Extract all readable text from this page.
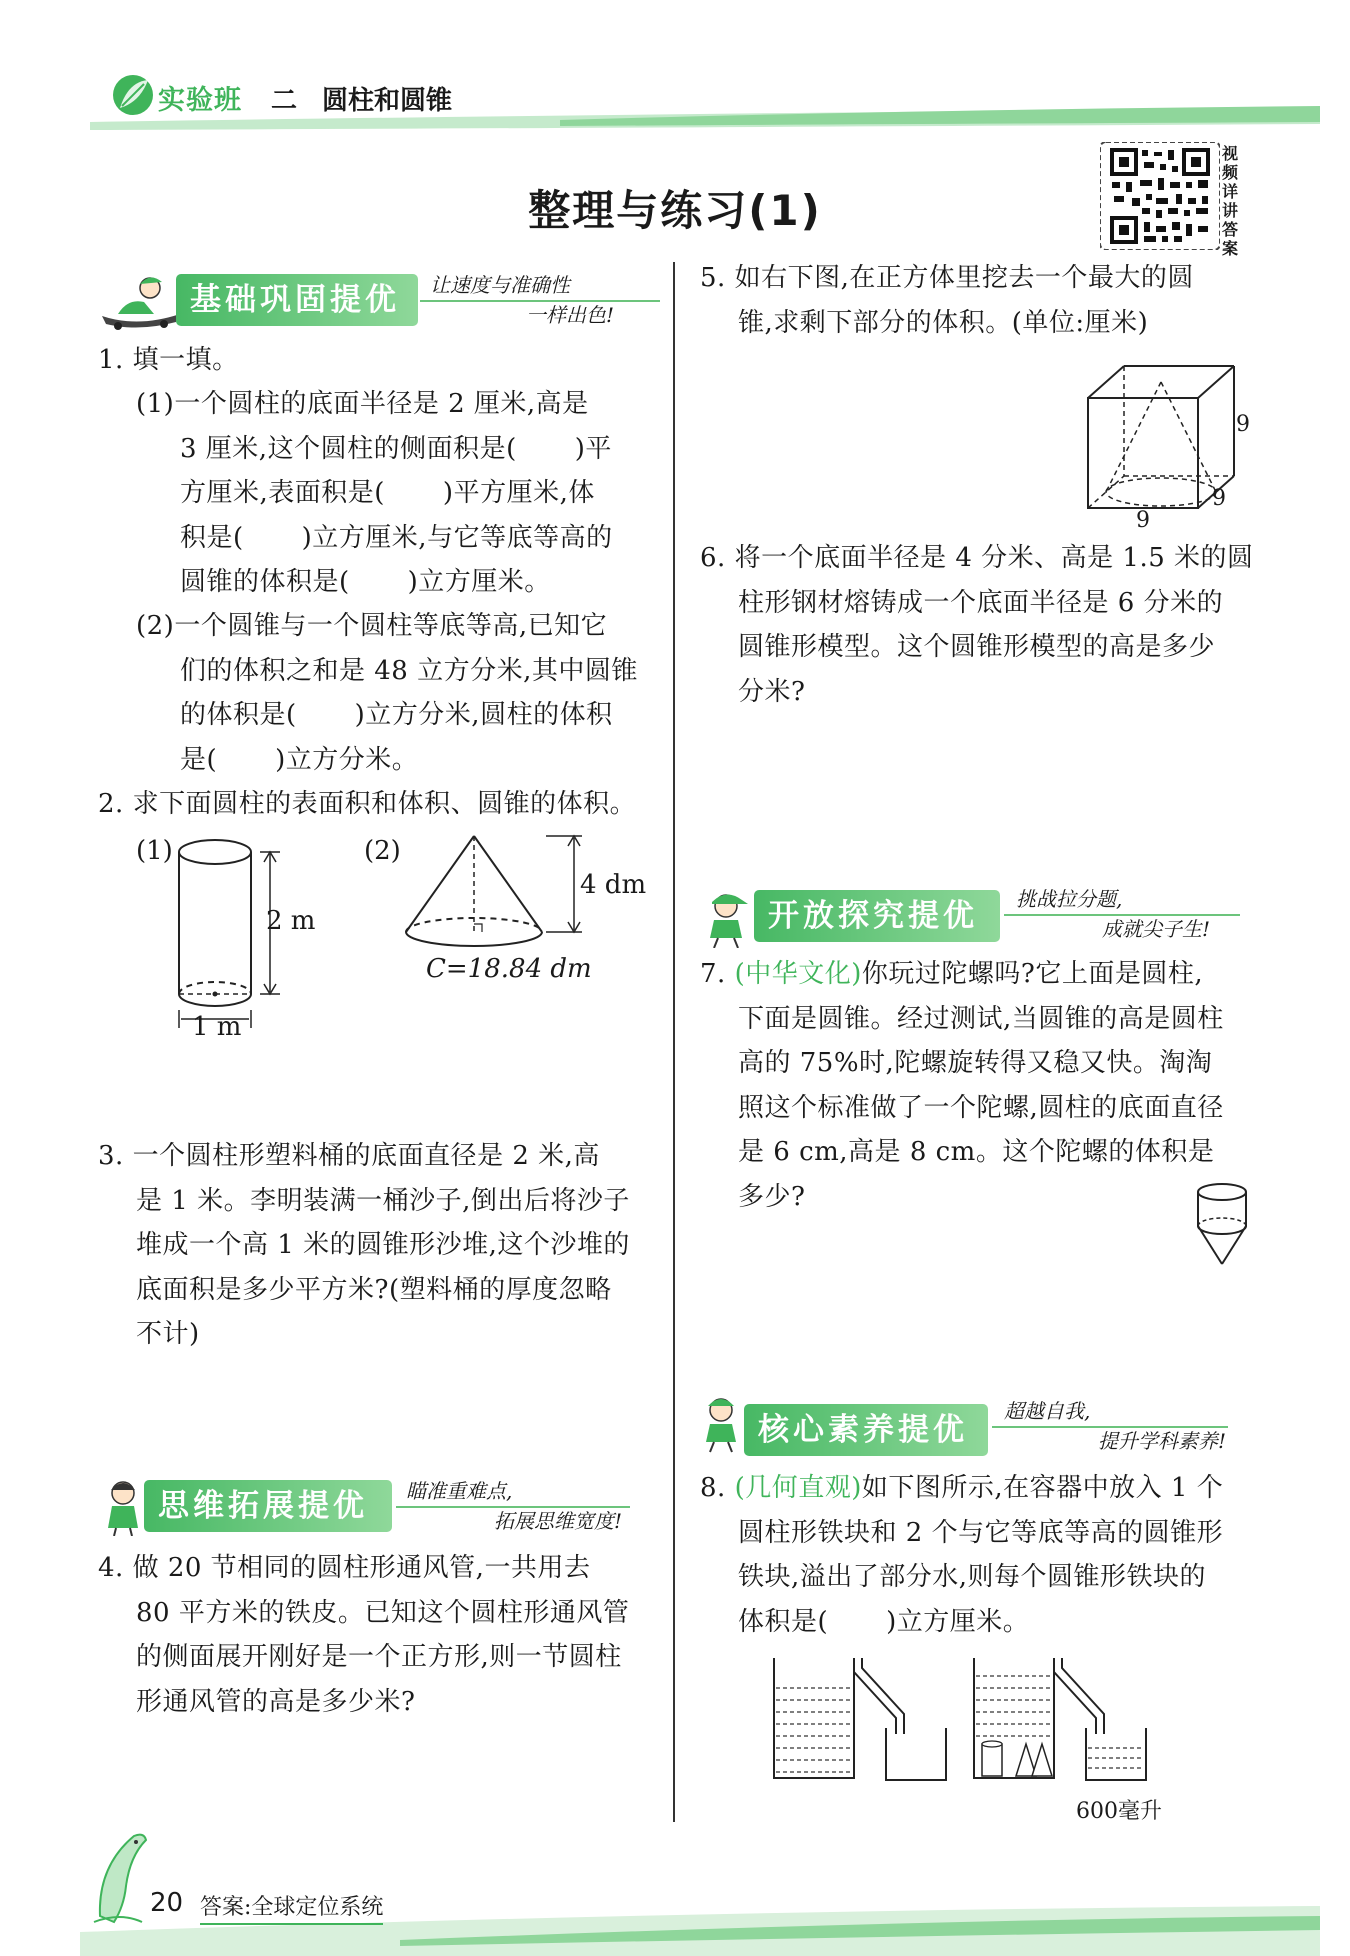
实验班 二 圆柱和圆锥
整理与练习(1)
视频详讲答案
基础巩固提优	让速度与准确性
一样出色!
1. 填一填。
(1)一个圆柱的底面半径是 2 厘米,高是
3 厘米,这个圆柱的侧面积是( )平
方厘米,表面积是( )平方厘米,体
积是( )立方厘米,与它等底等高的
圆锥的体积是( )立方厘米。
(2)一个圆锥与一个圆柱等底等高,已知它
们的体积之和是 48 立方分米,其中圆锥
的体积是( )立方分米,圆柱的体积
是( )立方分米。
2. 求下面圆柱的表面积和体积、圆锥的体积。
(1)
2 m
1 m
(2)
4 dm
C=18.84 dm
3. 一个圆柱形塑料桶的底面直径是 2 米,高
是 1 米。李明装满一桶沙子,倒出后将沙子
堆成一个高 1 米的圆锥形沙堆,这个沙堆的
底面积是多少平方米?(塑料桶的厚度忽略
不计)
思维拓展提优	瞄准重难点,
拓展思维宽度!
4. 做 20 节相同的圆柱形通风管,一共用去
80 平方米的铁皮。已知这个圆柱形通风管
的侧面展开刚好是一个正方形,则一节圆柱
形通风管的高是多少米?
5. 如右下图,在正方体里挖去一个最大的圆
锥,求剩下部分的体积。(单位:厘米)
9
9
9
6. 将一个底面半径是 4 分米、高是 1.5 米的圆
柱形钢材熔铸成一个底面半径是 6 分米的
圆锥形模型。这个圆锥形模型的高是多少
分米?
开放探究提优	挑战拉分题,
成就尖子生!
7. (中华文化)你玩过陀螺吗?它上面是圆柱,
下面是圆锥。经过测试,当圆锥的高是圆柱
高的 75%时,陀螺旋转得又稳又快。淘淘
照这个标准做了一个陀螺,圆柱的底面直径
是 6 cm,高是 8 cm。这个陀螺的体积是
多少?
核心素养提优
超越自我,
提升学科素养!
8. (几何直观)如下图所示,在容器中放入 1 个
圆柱形铁块和 2 个与它等底等高的圆锥形
铁块,溢出了部分水,则每个圆锥形铁块的
体积是( )立方厘米。
600毫升
20 答案:全球定位系统
